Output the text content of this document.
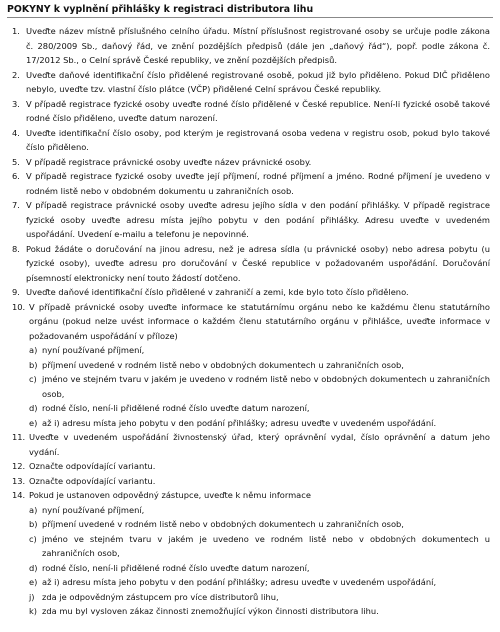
POKYNY k vyplnění přihlášky k registraci distributora lihu
1. Uveďte název místně příslušného celního úřadu. Místní příslušnost registrované osoby se určuje podle zákona č. 280/2009 Sb., daňový řád, ve znění pozdějších předpisů (dále jen „daňový řád“), popř. podle zákona č. 17/2012 Sb., o Celní správě České republiky, ve znění pozdějších předpisů.
2. Uveďte daňové identifikační číslo přidělené registrované osobě, pokud již bylo přiděleno. Pokud DIČ přiděleno nebylo, uveďte tzv. vlastní číslo plátce (VČP) přidělené Celní správou České republiky.
3. V případě registrace fyzické osoby uveďte rodné číslo přidělené v České republice. Není-li fyzické osobě takové rodné číslo přiděleno, uveďte datum narození.
4. Uveďte identifikační číslo osoby, pod kterým je registrovaná osoba vedena v registru osob, pokud bylo takové číslo přiděleno.
5. V případě registrace právnické osoby uveďte název právnické osoby.
6. V případě registrace fyzické osoby uveďte její příjmení, rodné příjmení a jméno. Rodné příjmení je uvedeno v rodném listě nebo v obdobném dokumentu u zahraničních osob.
7. V případě registrace právnické osoby uveďte adresu jejího sídla v den podání přihlášky. V případě registrace fyzické osoby uveďte adresu místa jejího pobytu v den podání přihlášky. Adresu uveďte v uvedeném uspořádání. Uvedení e-mailu a telefonu je nepovinné.
8. Pokud žádáte o doručování na jinou adresu, než je adresa sídla (u právnické osoby) nebo adresa pobytu (u fyzické osoby), uveďte adresu pro doručování v České republice v požadovaném uspořádání. Doručování písemností elektronicky není touto žádostí dotčeno.
9. Uveďte daňové identifikační číslo přidělené v zahraničí a zemi, kde bylo toto číslo přiděleno.
10. V případě právnické osoby uveďte informace ke statutárnímu orgánu nebo ke každému členu statutárního orgánu (pokud nelze uvést informace o každém členu statutárního orgánu v přihlášce, uveďte informace v požadovaném uspořádání v příloze)
a) nyní používané příjmení,
b) příjmení uvedené v rodném listě nebo v obdobných dokumentech u zahraničních osob,
c) jméno ve stejném tvaru v jakém je uvedeno v rodném listě nebo v obdobných dokumentech u zahraničních osob,
d) rodné číslo, není-li přidělené rodné číslo uveďte datum narození,
e) až i) adresu místa jeho pobytu v den podání přihlášky; adresu uveďte v uvedeném uspořádání.
11. Uveďte v uvedeném uspořádání živnostenský úřad, který oprávnění vydal, číslo oprávnění a datum jeho vydání.
12. Označte odpovídající variantu.
13. Označte odpovídající variantu.
14. Pokud je ustanoven odpovědný zástupce, uveďte k němu informace
a) nyní používané příjmení,
b) příjmení uvedené v rodném listě nebo v obdobných dokumentech u zahraničních osob,
c) jméno ve stejném tvaru v jakém je uvedeno ve rodném listě nebo v obdobných dokumentech u zahraničních osob,
d) rodné číslo, není-li přidělené rodné číslo uveďte datum narození,
e) až i) adresu místa jeho pobytu v den podání přihlášky; adresu uveďte v uvedeném uspořádání,
j) zda je odpovědným zástupcem pro více distributorů lihu,
k) zda mu byl vysloven zákaz činnosti znemožňující výkon činnosti distributora lihu.
